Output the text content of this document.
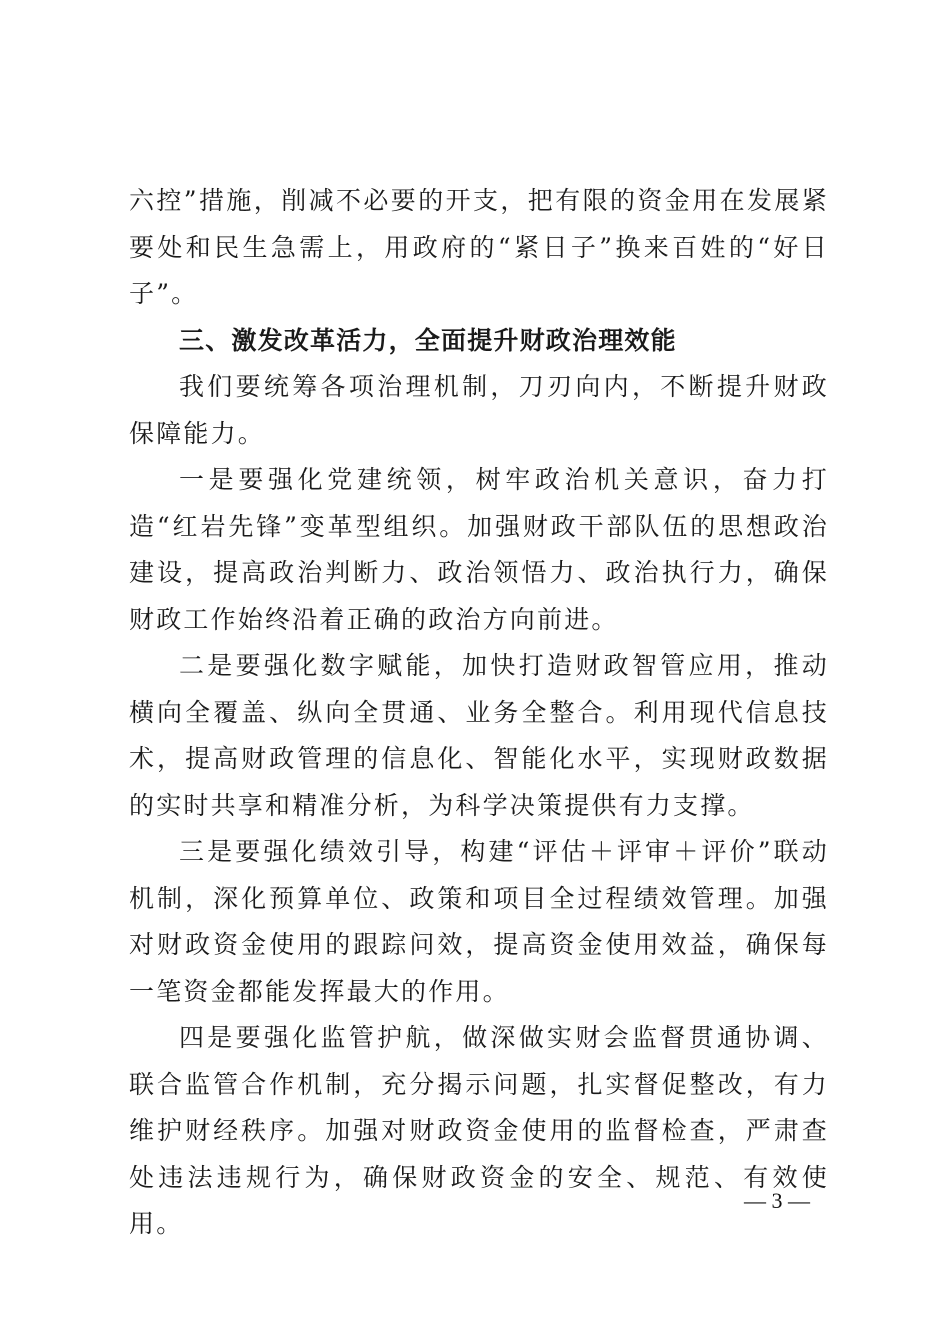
六控”措施，削减不必要的开支，把有限的资金用在发展紧要处和民生急需上，用政府的“紧日子”换来百姓的“好日子”。

三、激发改革活力，全面提升财政治理效能

我们要统筹各项治理机制，刀刃向内，不断提升财政保障能力。

一是要强化党建统领，树牢政治机关意识，奋力打造“红岩先锋”变革型组织。加强财政干部队伍的思想政治建设，提高政治判断力、政治领悟力、政治执行力，确保财政工作始终沿着正确的政治方向前进。

二是要强化数字赋能，加快打造财政智管应用，推动横向全覆盖、纵向全贯通、业务全整合。利用现代信息技术，提高财政管理的信息化、智能化水平，实现财政数据的实时共享和精准分析，为科学决策提供有力支撑。

三是要强化绩效引导，构建“评估＋评审＋评价”联动机制，深化预算单位、政策和项目全过程绩效管理。加强对财政资金使用的跟踪问效，提高资金使用效益，确保每一笔资金都能发挥最大的作用。

四是要强化监管护航，做深做实财会监督贯通协调、联合监管合作机制，充分揭示问题，扎实督促整改，有力维护财经秩序。加强对财政资金使用的监督检查，严肃查处违法违规行为，确保财政资金的安全、规范、有效使用。

— 3 —
